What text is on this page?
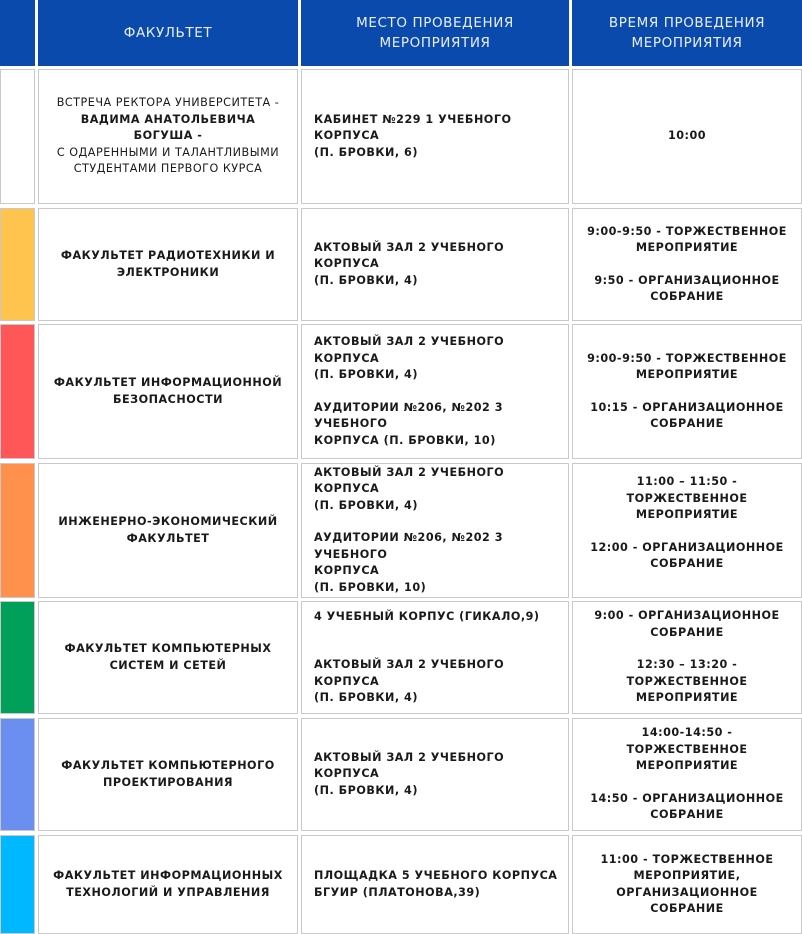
ФАКУЛЬТЕТ
МЕСТО ПРОВЕДЕНИЯ
МЕРОПРИЯТИЯ
ВРЕМЯ ПРОВЕДЕНИЯ
МЕРОПРИЯТИЯ
ВСТРЕЧА РЕКТОРА УНИВЕРСИТЕТА -
ВАДИМА АНАТОЛЬЕВИЧА БОГУША -
С ОДАРЕННЫМИ И ТАЛАНТЛИВЫМИ
СТУДЕНТАМИ ПЕРВОГО КУРСА
КАБИНЕТ №229 1 УЧЕБНОГО КОРПУСА
(П. БРОВКИ, 6)
10:00
ФАКУЛЬТЕТ РАДИОТЕХНИКИ И
ЭЛЕКТРОНИКИ
АКТОВЫЙ ЗАЛ 2 УЧЕБНОГО КОРПУСА
(П. БРОВКИ, 4)
9:00-9:50 - ТОРЖЕСТВЕННОЕ
МЕРОПРИЯТИЕ
9:50 - ОРГАНИЗАЦИОННОЕ
СОБРАНИЕ
ФАКУЛЬТЕТ ИНФОРМАЦИОННОЙ
БЕЗОПАСНОСТИ
АКТОВЫЙ ЗАЛ 2 УЧЕБНОГО КОРПУСА
(П. БРОВКИ, 4)
АУДИТОРИИ №206, №202 3 УЧЕБНОГО
КОРПУСА (П. БРОВКИ, 10)
9:00-9:50 - ТОРЖЕСТВЕННОЕ
МЕРОПРИЯТИЕ
10:15 - ОРГАНИЗАЦИОННОЕ
СОБРАНИЕ
ИНЖЕНЕРНО-ЭКОНОМИЧЕСКИЙ
ФАКУЛЬТЕТ
АКТОВЫЙ ЗАЛ 2 УЧЕБНОГО КОРПУСА
(П. БРОВКИ, 4)
АУДИТОРИИ №206, №202 3 УЧЕБНОГО
КОРПУСА
(П. БРОВКИ, 10)
11:00 – 11:50 - ТОРЖЕСТВЕННОЕ
МЕРОПРИЯТИЕ
12:00 - ОРГАНИЗАЦИОННОЕ
СОБРАНИЕ
ФАКУЛЬТЕТ КОМПЬЮТЕРНЫХ
СИСТЕМ И СЕТЕЙ
4 УЧЕБНЫЙ КОРПУС (ГИКАЛО,9)
АКТОВЫЙ ЗАЛ 2 УЧЕБНОГО КОРПУСА
(П. БРОВКИ, 4)
9:00 - ОРГАНИЗАЦИОННОЕ
СОБРАНИЕ
12:30 – 13:20 - ТОРЖЕСТВЕННОЕ
МЕРОПРИЯТИЕ
ФАКУЛЬТЕТ КОМПЬЮТЕРНОГО
ПРОЕКТИРОВАНИЯ
АКТОВЫЙ ЗАЛ 2 УЧЕБНОГО КОРПУСА
(П. БРОВКИ, 4)
14:00-14:50 - ТОРЖЕСТВЕННОЕ
МЕРОПРИЯТИЕ
14:50 - ОРГАНИЗАЦИОННОЕ
СОБРАНИЕ
ФАКУЛЬТЕТ ИНФОРМАЦИОННЫХ
ТЕХНОЛОГИЙ И УПРАВЛЕНИЯ
ПЛОЩАДКА 5 УЧЕБНОГО КОРПУСА
БГУИР (ПЛАТОНОВА,39)
11:00 - ТОРЖЕСТВЕННОЕ
МЕРОПРИЯТИЕ,
ОРГАНИЗАЦИОННОЕ
СОБРАНИЕ
